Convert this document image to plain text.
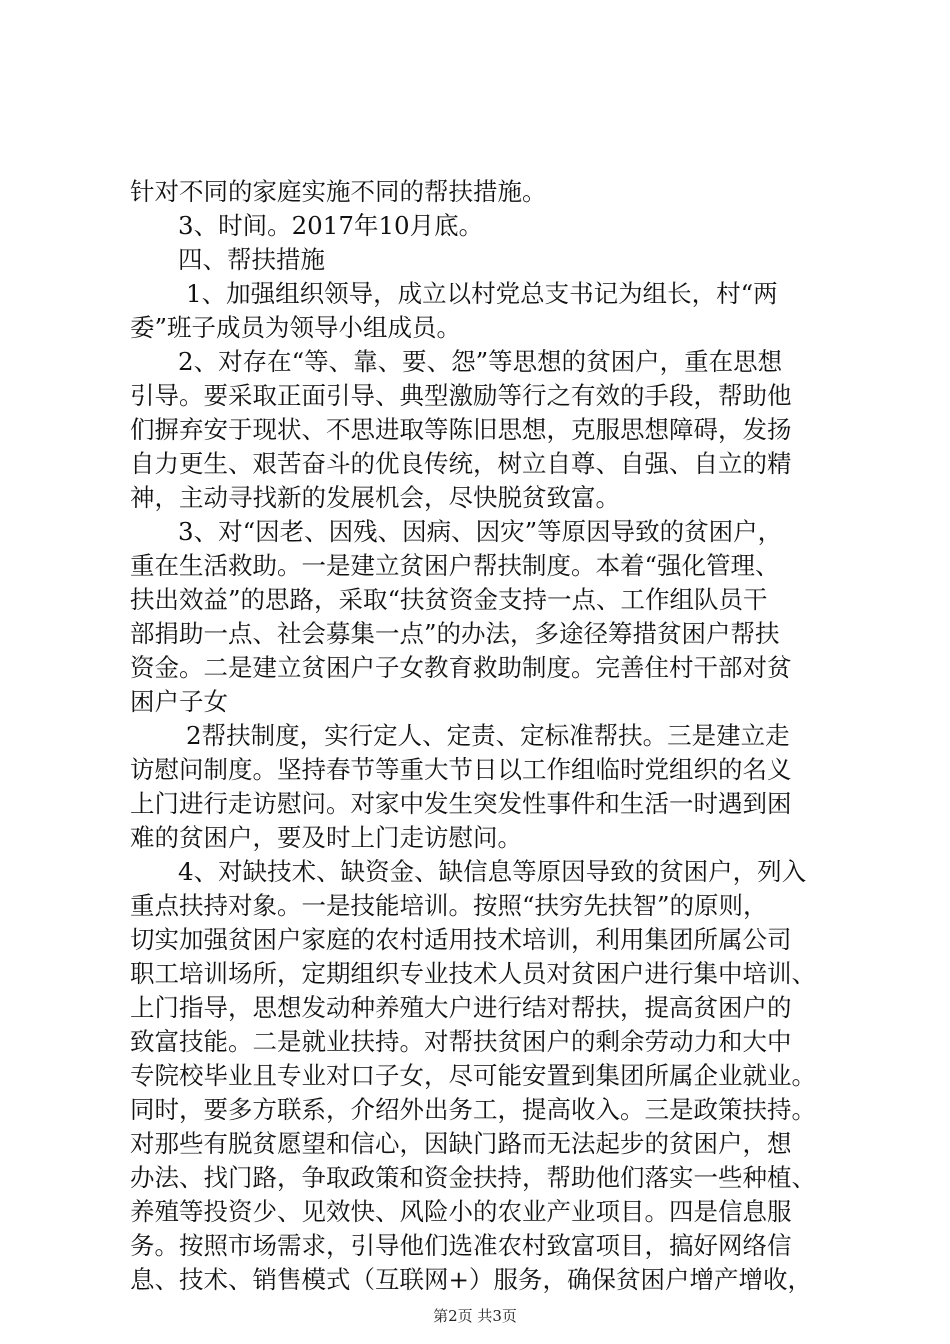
针对不同的家庭实施不同的帮扶措施。
3、时间。2017年10月底。
四、帮扶措施
1、加强组织领导，成立以村党总支书记为组长，村“两
委”班子成员为领导小组成员。
2、对存在“等、靠、要、怨”等思想的贫困户，重在思想
引导。要采取正面引导、典型激励等行之有效的手段，帮助他
们摒弃安于现状、不思进取等陈旧思想，克服思想障碍，发扬
自力更生、艰苦奋斗的优良传统，树立自尊、自强、自立的精
神，主动寻找新的发展机会，尽快脱贫致富。
3、对“因老、因残、因病、因灾”等原因导致的贫困户，
重在生活救助。一是建立贫困户帮扶制度。本着“强化管理、
扶出效益”的思路，采取“扶贫资金支持一点、工作组队员干
部捐助一点、社会募集一点”的办法，多途径筹措贫困户帮扶
资金。二是建立贫困户子女教育救助制度。完善住村干部对贫
困户子女
2帮扶制度，实行定人、定责、定标准帮扶。三是建立走
访慰问制度。坚持春节等重大节日以工作组临时党组织的名义
上门进行走访慰问。对家中发生突发性事件和生活一时遇到困
难的贫困户，要及时上门走访慰问。
4、对缺技术、缺资金、缺信息等原因导致的贫困户，列入
重点扶持对象。一是技能培训。按照“扶穷先扶智”的原则，
切实加强贫困户家庭的农村适用技术培训，利用集团所属公司
职工培训场所，定期组织专业技术人员对贫困户进行集中培训、
上门指导，思想发动种养殖大户进行结对帮扶，提高贫困户的
致富技能。二是就业扶持。对帮扶贫困户的剩余劳动力和大中
专院校毕业且专业对口子女，尽可能安置到集团所属企业就业。
同时，要多方联系，介绍外出务工，提高收入。三是政策扶持。
对那些有脱贫愿望和信心，因缺门路而无法起步的贫困户，想
办法、找门路，争取政策和资金扶持，帮助他们落实一些种植、
养殖等投资少、见效快、风险小的农业产业项目。四是信息服
务。按照市场需求，引导他们选准农村致富项目，搞好网络信
息、技术、销售模式（互联网+）服务，确保贫困户增产增收，
第2页 共3页
